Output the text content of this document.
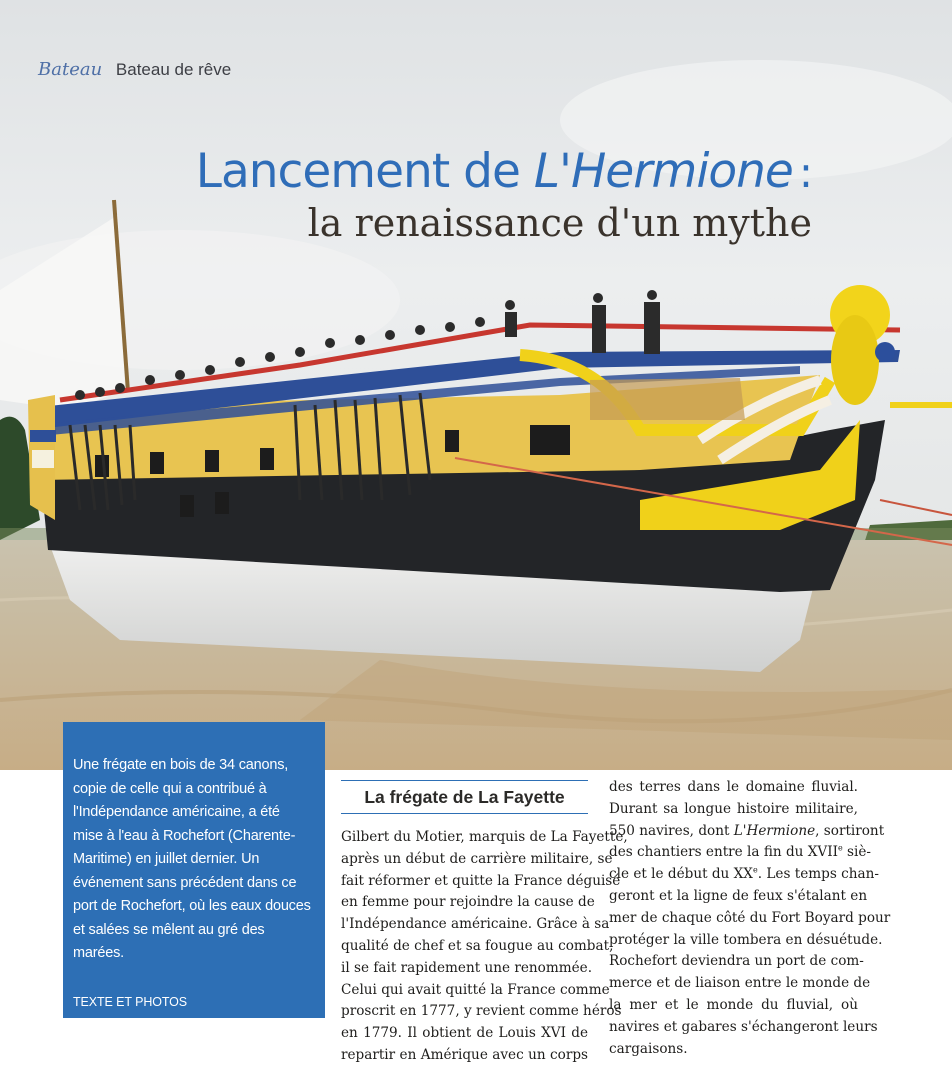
Bateau Bateau de rêve
Lancement de L'Hermione :
la renaissance d'un mythe

Une frégate en bois de 34 canons, copie de celle qui a contribué à l'Indépendance américaine, a été mise à l'eau à Rochefort (Charente-Maritime) en juillet dernier. Un événement sans précédent dans ce port de Rochefort, où les eaux douces et salées se mêlent au gré des marées.

TEXTE ET PHOTOS
JEAN-PHILIPPE LAMOTTE
La frégate de La Fayette
Gilbert du Motier, marquis de La Fayette,
après un début de carrière militaire, se
fait réformer et quitte la France déguisé
en femme pour rejoindre la cause de
l'Indépendance américaine. Grâce à sa
qualité de chef et sa fougue au combat,
il se fait rapidement une renommée.
Celui qui avait quitté la France comme
proscrit en 1777, y revient comme héros
en 1779. Il obtient de Louis XVI de
repartir en Amérique avec un corps
des terres dans le domaine fluvial.
Durant sa longue histoire militaire,
550 navires, dont L'Hermione, sortiront
des chantiers entre la fin du XVIIe siè-
cle et le début du XXe. Les temps chan-
geront et la ligne de feux s'étalant en
mer de chaque côté du Fort Boyard pour
protéger la ville tombera en désuétude.
Rochefort deviendra un port de com-
merce et de liaison entre le monde de
la mer et le monde du fluvial, où
navires et gabares s'échangeront leurs
cargaisons.
